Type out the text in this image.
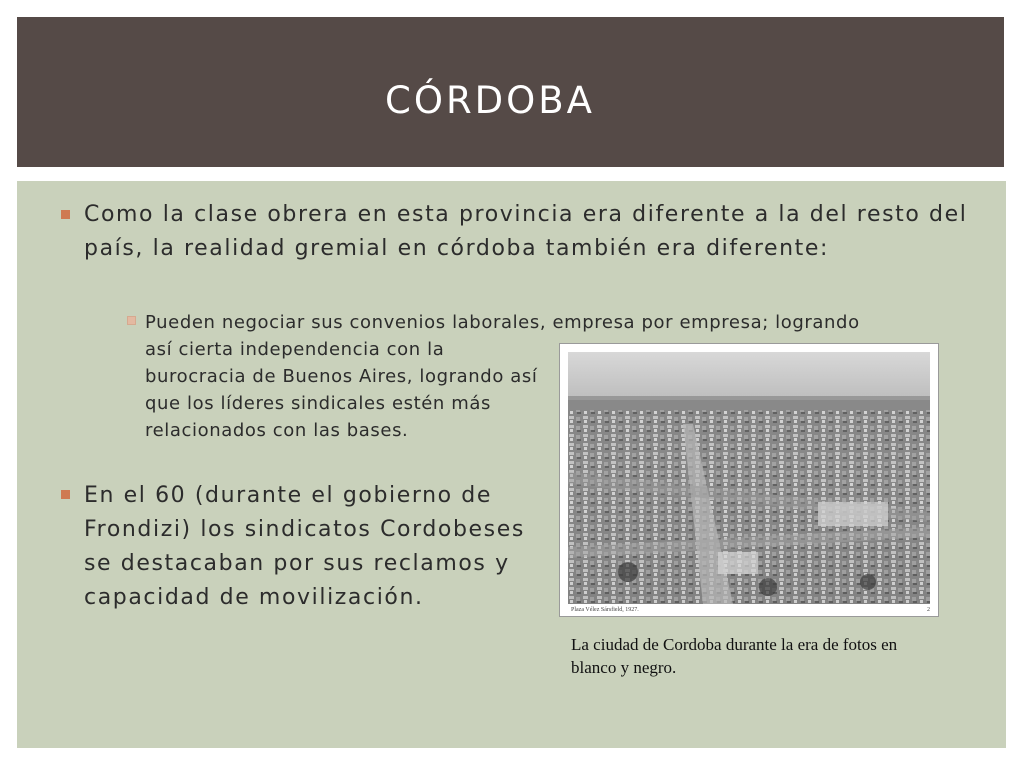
CÓRDOBA

Como la clase obrera en esta provincia era diferente a la del resto del país, la realidad gremial en córdoba también era diferente:

Pueden negociar sus convenios laborales, empresa por empresa; logrando

así cierta independencia con la burocracia de Buenos Aires, logrando así que los líderes sindicales estén más relacionados con las bases.

En el 60 (durante el gobierno de Frondizi) los sindicatos Cordobeses se destacaban por sus reclamos y capacidad de movilización.	Plaza Vélez Sársfield, 1927.	2

La ciudad de Cordoba durante la era de fotos en blanco y negro.
